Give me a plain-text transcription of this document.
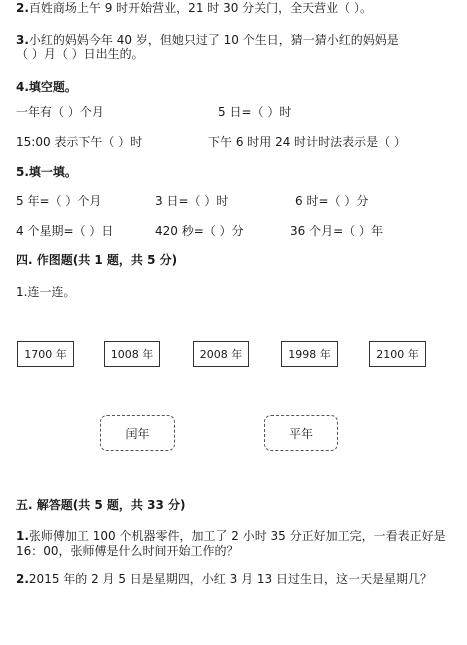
2.百姓商场上午 9 时开始营业，21 时 30 分关门，全天营业（ ）。
3.小红的妈妈今年 40 岁，但她只过了 10 个生日，猜一猜小红的妈妈是
（ ）月（ ）日出生的。
4.填空题。
一年有（ ）个月	5 日=（ ）时
15:00 表示下午（ ）时	下午 6 时用 24 时计时法表示是（ ）
5.填一填。
5 年=（ ）个月	3 日=（ ）时	6 时=（ ）分
4 个星期=（ ）日	420 秒=（ ）分	36 个月=（ ）年
四. 作图题(共 1 题，共 5 分)
1.连一连。
1700 年	1008 年	2008 年	1998 年	2100 年
闰年	平年
五. 解答题(共 5 题，共 33 分)
1.张师傅加工 100 个机器零件，加工了 2 小时 35 分正好加工完，一看表正好是
16：00，张师傅是什么时间开始工作的？
2.2015 年的 2 月 5 日是星期四，小红 3 月 13 日过生日，这一天是星期几？
